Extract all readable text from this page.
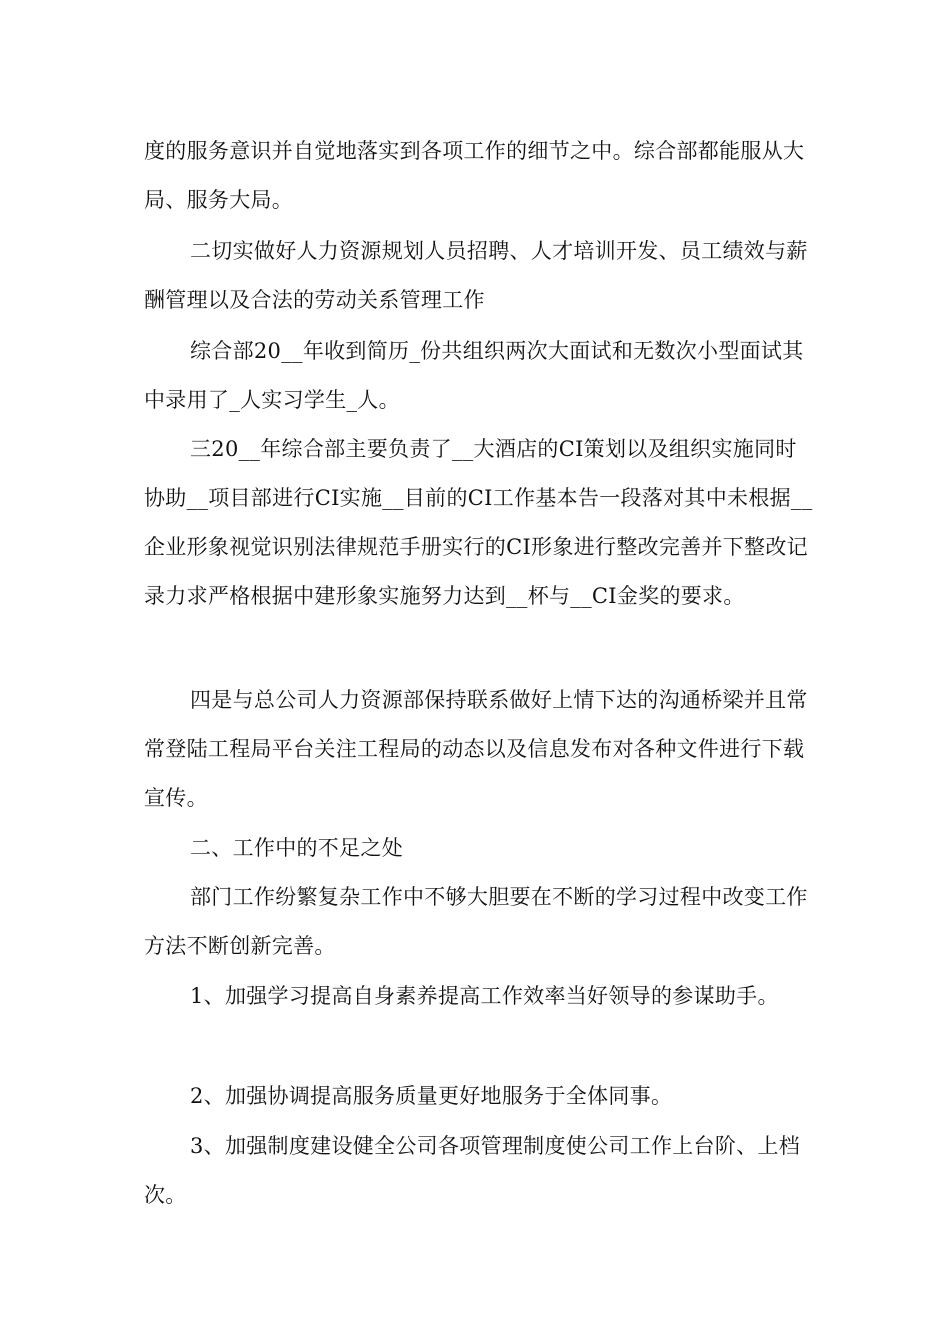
度的服务意识并自觉地落实到各项工作的细节之中。综合部都能服从大局、服务大局。

二切实做好人力资源规划人员招聘、人才培训开发、员工绩效与薪酬管理以及合法的劳动关系管理工作

综合部20__年收到简历_份共组织两次大面试和无数次小型面试其中录用了_人实习学生_人。

三20__年综合部主要负责了__大酒店的CI策划以及组织实施同时协助__项目部进行CI实施__目前的CI工作基本告一段落对其中未根据__企业形象视觉识别法律规范手册实行的CI形象进行整改完善并下整改记录力求严格根据中建形象实施努力达到__杯与__CI金奖的要求。

四是与总公司人力资源部保持联系做好上情下达的沟通桥梁并且常常登陆工程局平台关注工程局的动态以及信息发布对各种文件进行下载宣传。

二、工作中的不足之处

部门工作纷繁复杂工作中不够大胆要在不断的学习过程中改变工作方法不断创新完善。

1、加强学习提高自身素养提高工作效率当好领导的参谋助手。

2、加强协调提高服务质量更好地服务于全体同事。

3、加强制度建设健全公司各项管理制度使公司工作上台阶、上档次。
